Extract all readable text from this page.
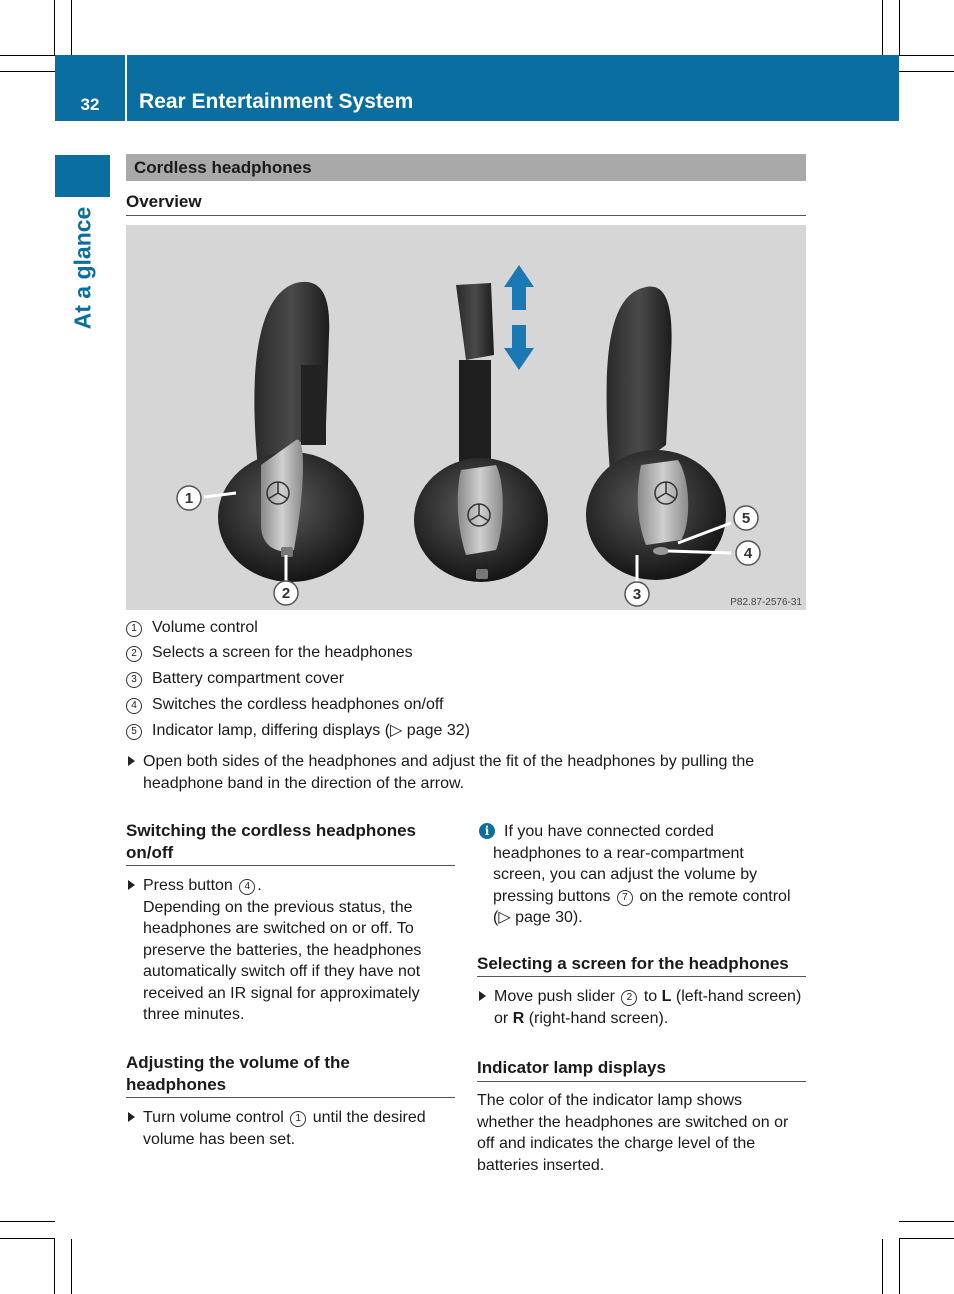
32 Rear Entertainment System
At a glance
Cordless headphones
Overview
1
2	3
4
5
P82.87-2576-31
1 Volume control
2 Selects a screen for the headphones
3 Battery compartment cover
4 Switches the cordless headphones on/off
5 Indicator lamp, differing displays (▷ page 32)
Open both sides of the headphones and adjust the fit of the headphones by pulling the
headphone band in the direction of the arrow.
Switching the cordless headphones
on/off
Press button 4 .
Depending on the previous status, the
headphones are switched on or off. To
preserve the batteries, the headphones
automatically switch off if they have not
received an IR signal for approximately
three minutes.
Adjusting the volume of the
headphones
Turn volume control 1 until the desired
volume has been set.
i If you have connected corded
headphones to a rear-compartment
screen, you can adjust the volume by
pressing buttons 7 on the remote control
(▷ page 30).
Selecting a screen for the headphones
Move push slider 2 to L (left-hand screen)
or R (right-hand screen).
Indicator lamp displays
The color of the indicator lamp shows
whether the headphones are switched on or
off and indicates the charge level of the
batteries inserted.
